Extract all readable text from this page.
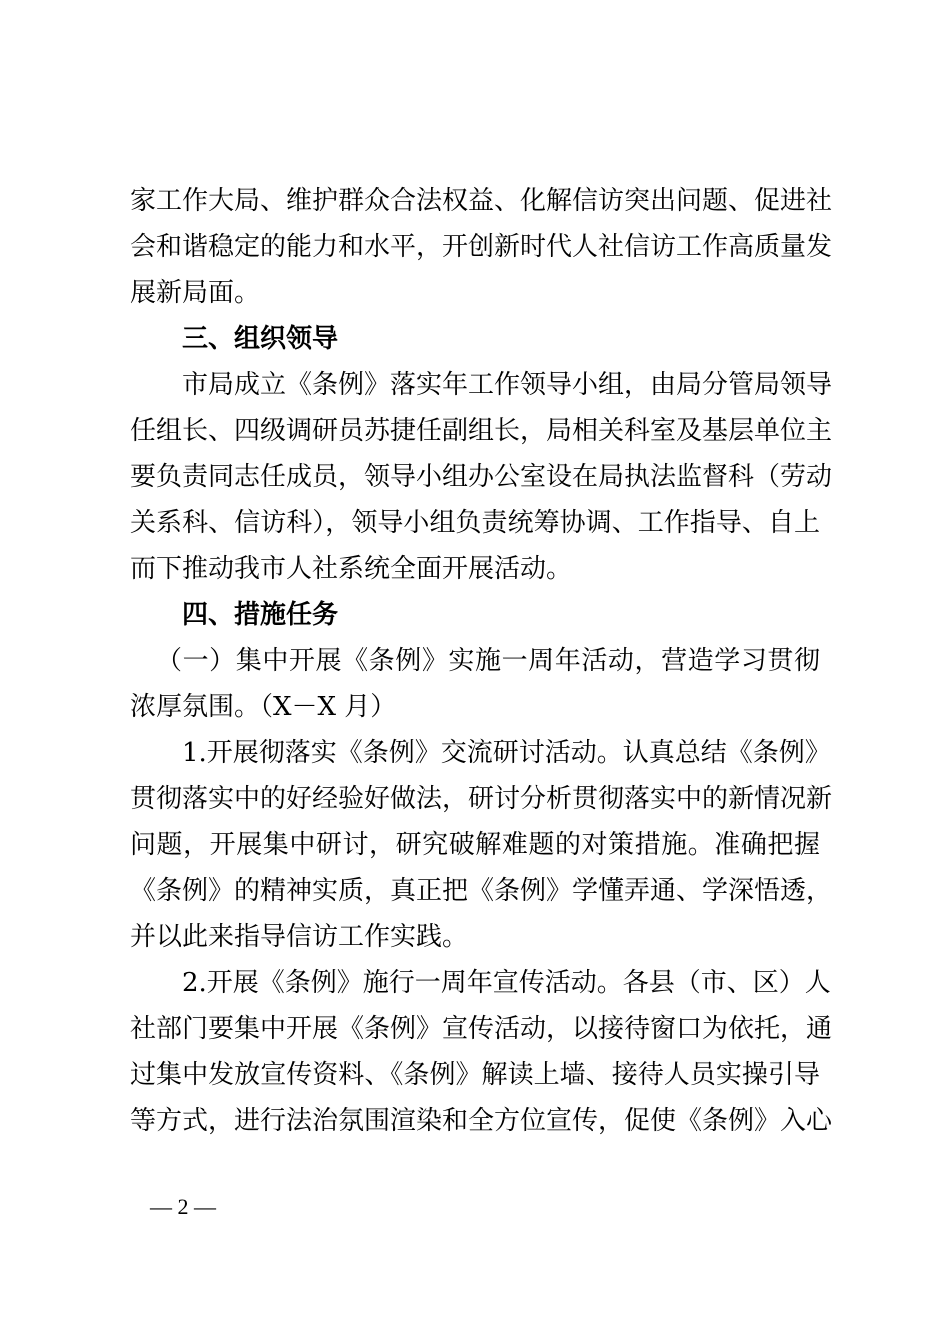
家工作大局、维护群众合法权益、化解信访突出问题、促进社
会和谐稳定的能力和水平，开创新时代人社信访工作高质量发
展新局面。
三、组织领导
市局成立《条例》落实年工作领导小组，由局分管局领导
任组长、四级调研员苏捷任副组长，局相关科室及基层单位主
要负责同志任成员，领导小组办公室设在局执法监督科（劳动
关系科、信访科），领导小组负责统筹协调、工作指导、自上
而下推动我市人社系统全面开展活动。
四、措施任务
（一）集中开展《条例》实施一周年活动，营造学习贯彻
浓厚氛围。（X－X 月）
1.开展彻落实《条例》交流研讨活动。认真总结《条例》
贯彻落实中的好经验好做法，研讨分析贯彻落实中的新情况新
问题，开展集中研讨，研究破解难题的对策措施。准确把握
《条例》的精神实质，真正把《条例》学懂弄通、学深悟透，
并以此来指导信访工作实践。
2.开展《条例》施行一周年宣传活动。各县（市、区）人
社部门要集中开展《条例》宣传活动，以接待窗口为依托，通
过集中发放宣传资料、《条例》解读上墙、接待人员实操引导
等方式，进行法治氛围渲染和全方位宣传，促使《条例》入心
— 2 —
